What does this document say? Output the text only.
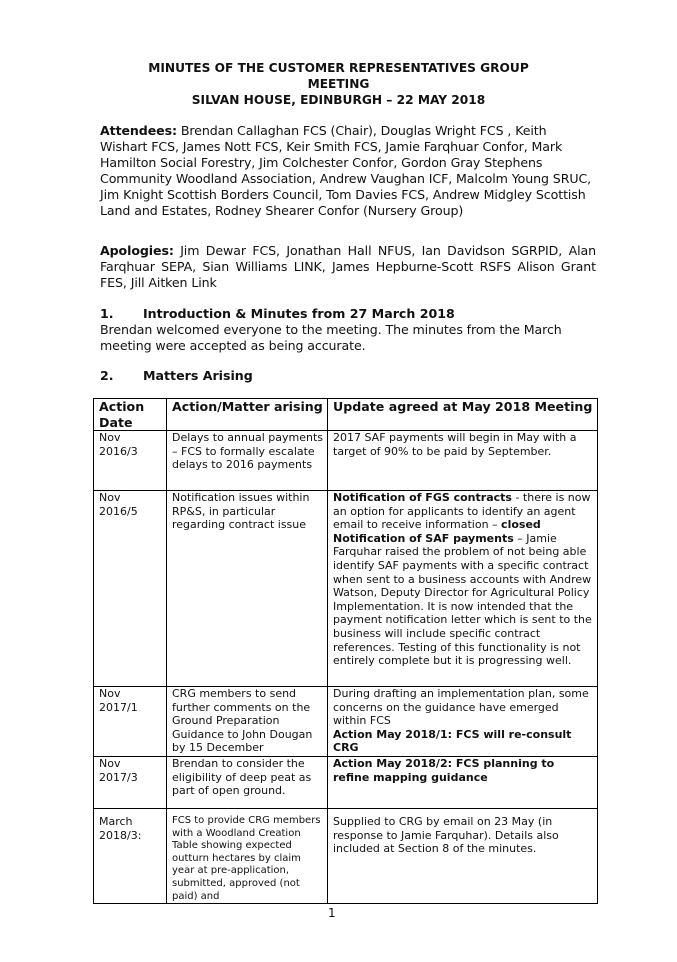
MINUTES OF THE CUSTOMER REPRESENTATIVES GROUP
MEETING
SILVAN HOUSE, EDINBURGH – 22 MAY 2018
Attendees: Brendan Callaghan FCS (Chair), Douglas Wright FCS , Keith Wishart FCS, James Nott FCS, Keir Smith FCS, Jamie Farqhuar Confor, Mark Hamilton Social Forestry, Jim Colchester Confor, Gordon Gray Stephens Community Woodland Association, Andrew Vaughan ICF, Malcolm Young SRUC, Jim Knight Scottish Borders Council, Tom Davies FCS, Andrew Midgley Scottish Land and Estates, Rodney Shearer Confor (Nursery Group)
Apologies: Jim Dewar FCS, Jonathan Hall NFUS, Ian Davidson SGRPID, Alan Farqhuar SEPA, Sian Williams LINK, James Hepburne-Scott RSFS Alison Grant FES, Jill Aitken Link
1. Introduction & Minutes from 27 March 2018
Brendan welcomed everyone to the meeting. The minutes from the March meeting were accepted as being accurate.
2. Matters Arising
Action Date	Action/Matter arising	Update agreed at May 2018 Meeting
Nov 2016/3	Delays to annual payments – FCS to formally escalate delays to 2016 payments	2017 SAF payments will begin in May with a target of 90% to be paid by September.
Nov 2016/5	Notification issues within RP&S, in particular regarding contract issue	Notification of FGS contracts - there is now an option for applicants to identify an agent email to receive information – closed
Notification of SAF payments – Jamie Farquhar raised the problem of not being able identify SAF payments with a specific contract when sent to a business accounts with Andrew Watson, Deputy Director for Agricultural Policy Implementation. It is now intended that the payment notification letter which is sent to the business will include specific contract references. Testing of this functionality is not entirely complete but it is progressing well.
Nov 2017/1	CRG members to send further comments on the Ground Preparation Guidance to John Dougan by 15 December	During drafting an implementation plan, some concerns on the guidance have emerged within FCS
Action May 2018/1: FCS will re-consult CRG
Nov 2017/3	Brendan to consider the eligibility of deep peat as part of open ground.	Action May 2018/2: FCS planning to refine mapping guidance
March 2018/3:	FCS to provide CRG members with a Woodland Creation Table showing expected outturn hectares by claim year at pre-application, submitted, approved (not paid) and	Supplied to CRG by email on 23 May (in response to Jamie Farquhar). Details also included at Section 8 of the minutes.
1
